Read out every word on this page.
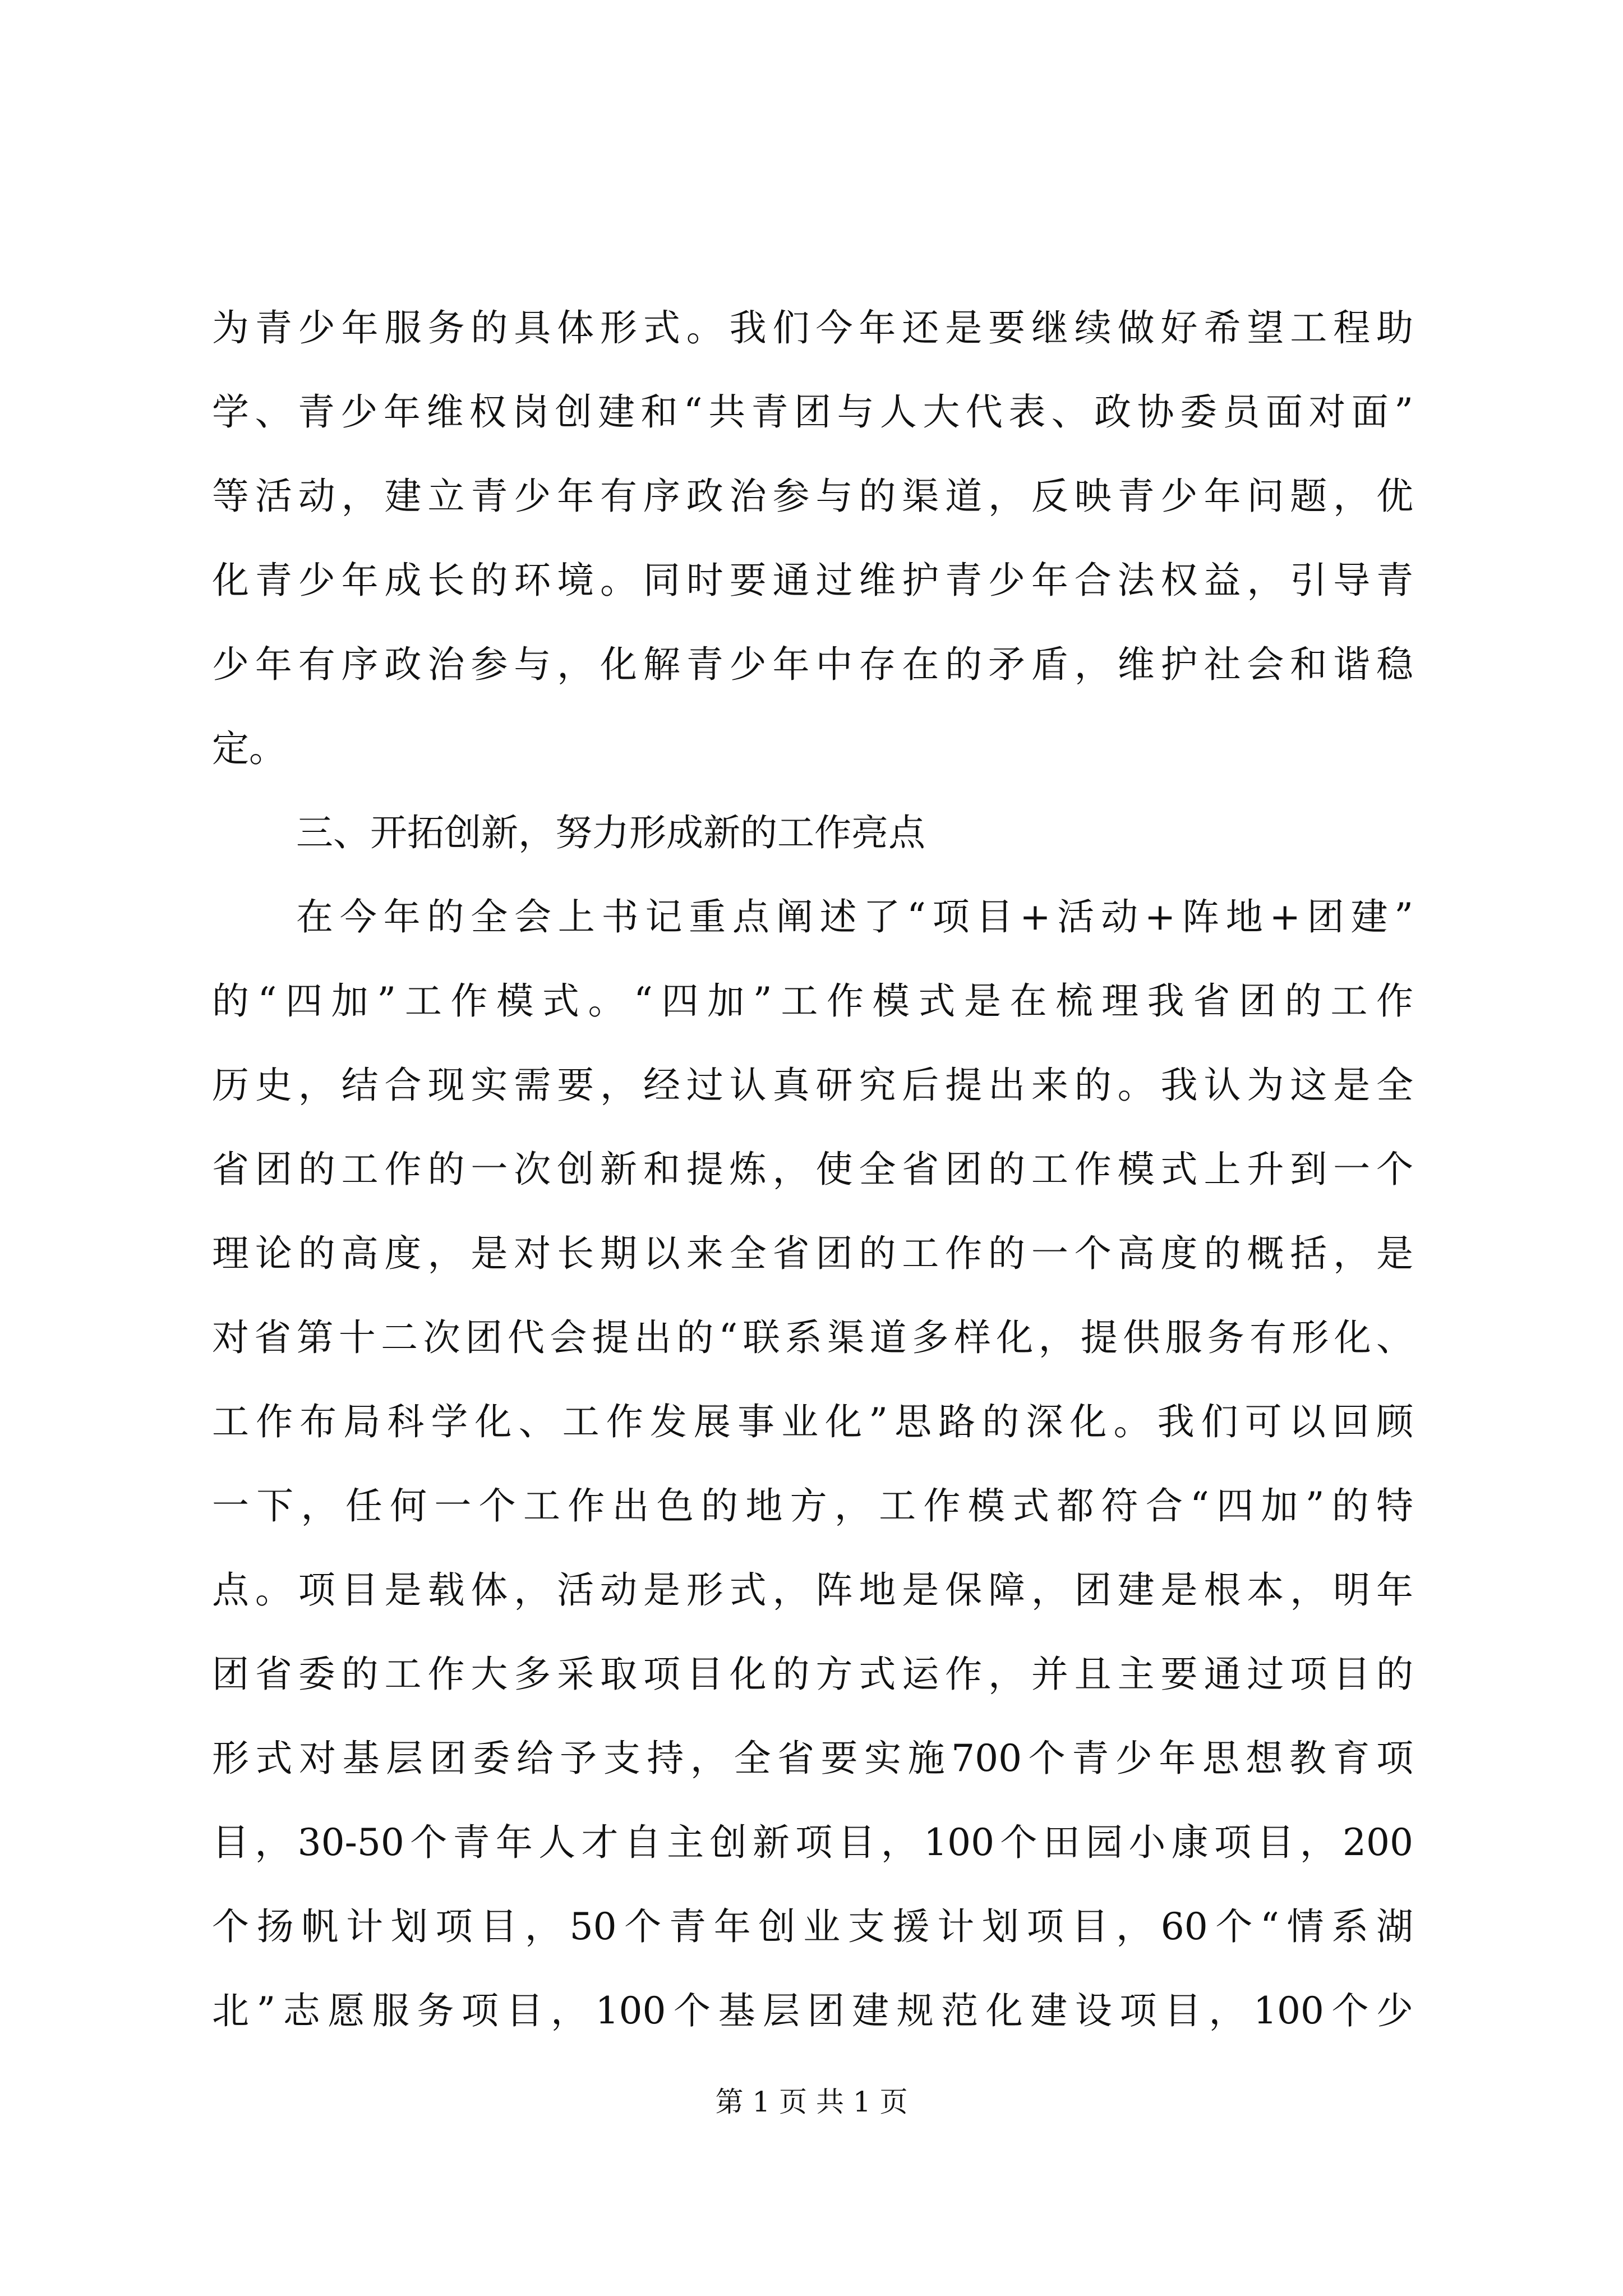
为青少年服务的具体形式。我们今年还是要继续做好希望工程助
学、青少年维权岗创建和“共青团与人大代表、政协委员面对面”
等活动，建立青少年有序政治参与的渠道，反映青少年问题，优
化青少年成长的环境。同时要通过维护青少年合法权益，引导青
少年有序政治参与，化解青少年中存在的矛盾，维护社会和谐稳
定。
三、开拓创新，努力形成新的工作亮点
在今年的全会上书记重点阐述了“项目+活动+阵地+团建”
的“四加”工作模式。“四加”工作模式是在梳理我省团的工作
历史，结合现实需要，经过认真研究后提出来的。我认为这是全
省团的工作的一次创新和提炼，使全省团的工作模式上升到一个
理论的高度，是对长期以来全省团的工作的一个高度的概括，是
对省第十二次团代会提出的“联系渠道多样化，提供服务有形化、
工作布局科学化、工作发展事业化”思路的深化。我们可以回顾
一下，任何一个工作出色的地方，工作模式都符合“四加”的特
点。项目是载体，活动是形式，阵地是保障，团建是根本，明年
团省委的工作大多采取项目化的方式运作，并且主要通过项目的
形式对基层团委给予支持，全省要实施700个青少年思想教育项
目，30-50个青年人才自主创新项目，100个田园小康项目，200
个扬帆计划项目，50个青年创业支援计划项目，60个“情系湖
北”志愿服务项目，100个基层团建规范化建设项目，100个少
第 1 页 共 1 页
